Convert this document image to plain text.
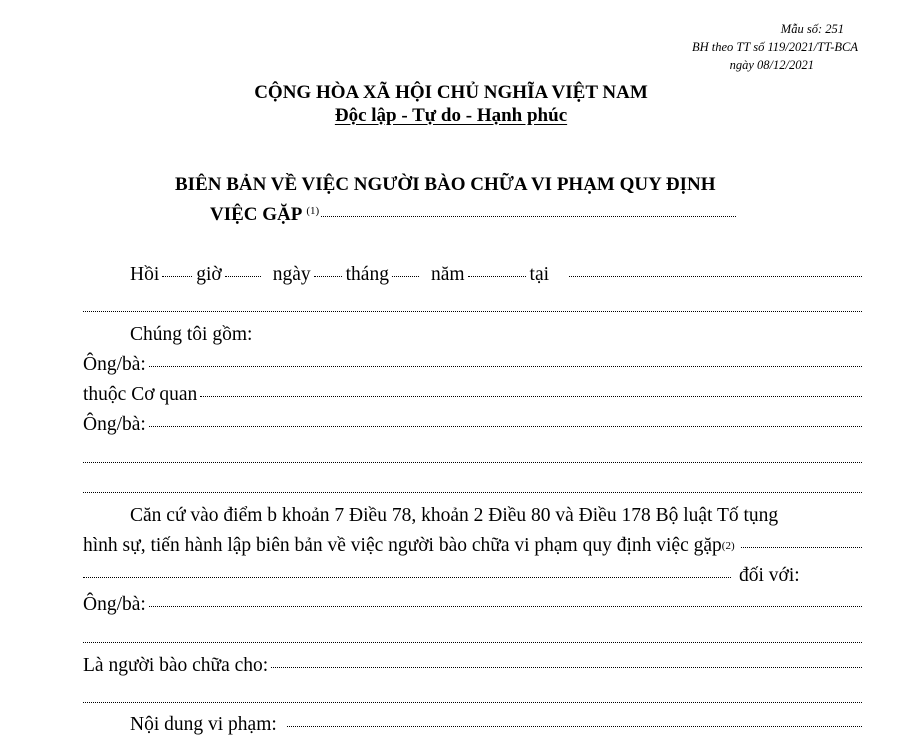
Mẫu số: 251
BH theo TT số 119/2021/TT-BCA
ngày 08/12/2021
CỘNG HÒA XÃ HỘI CHỦ NGHĨA VIỆT NAM
Độc lập - Tự do - Hạnh phúc
BIÊN BẢN VỀ VIỆC NGƯỜI BÀO CHỮA VI PHẠM QUY ĐỊNH
VIỆC GẶP $^{(1)}$
Hồi giờ	ngày tháng năm	tại
Chúng tôi gồm:
Ông/bà:
thuộc Cơ quan
Ông/bà:
Căn cứ vào điểm b khoản 7 Điều 78, khoản 2 Điều 80 và Điều 178 Bộ luật Tố tụng
hình sự, tiến hành lập biên bản về việc người bào chữa vi phạm quy định việc gặp$^{(2)}$
đối với:
Ông/bà:
Là người bào chữa cho:
Nội dung vi phạm:
